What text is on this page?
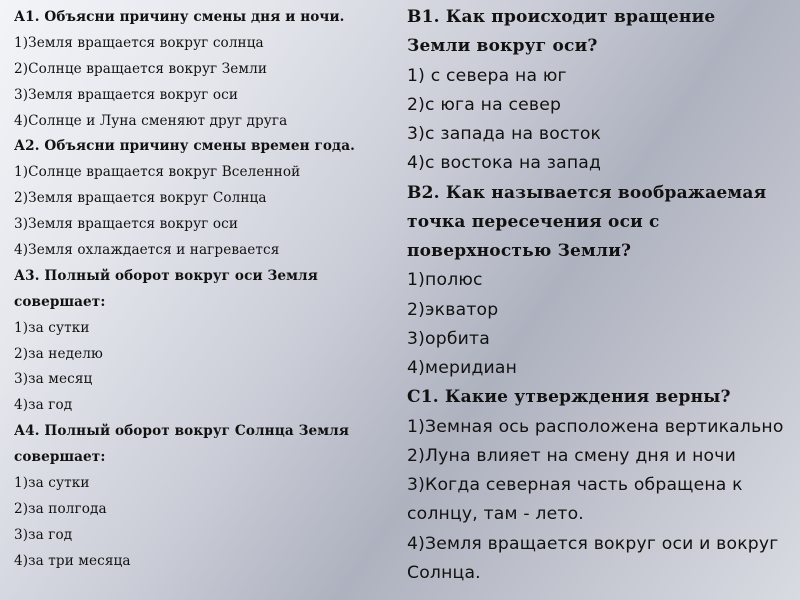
А1. Объясни причину смены дня и ночи.
1)Земля вращается вокруг солнца
2)Солнце вращается вокруг Земли
3)Земля вращается вокруг оси
4)Солнце и Луна сменяют друг друга
А2. Объясни причину смены времен года.
1)Солнце вращается вокруг Вселенной
2)Земля вращается вокруг Солнца
3)Земля вращается вокруг оси
4)Земля охлаждается и нагревается
А3. Полный оборот вокруг оси Земля
совершает:
1)за сутки
2)за неделю
3)за месяц
4)за год
А4. Полный оборот вокруг Солнца Земля
совершает:
1)за сутки
2)за полгода
3)за год
4)за три месяца
В1. Как происходит вращение
Земли вокруг оси?
1) с севера на юг
2)с юга на север
3)с запада на восток
4)с востока на запад
В2. Как называется воображаемая
точка пересечения оси с
поверхностью Земли?
1)полюс
2)экватор
3)орбита
4)меридиан
С1. Какие утверждения верны?
1)Земная ось расположена вертикально
2)Луна влияет на смену дня и ночи
3)Когда северная часть обращена к
солнцу, там - лето.
4)Земля вращается вокруг оси и вокруг
Солнца.
